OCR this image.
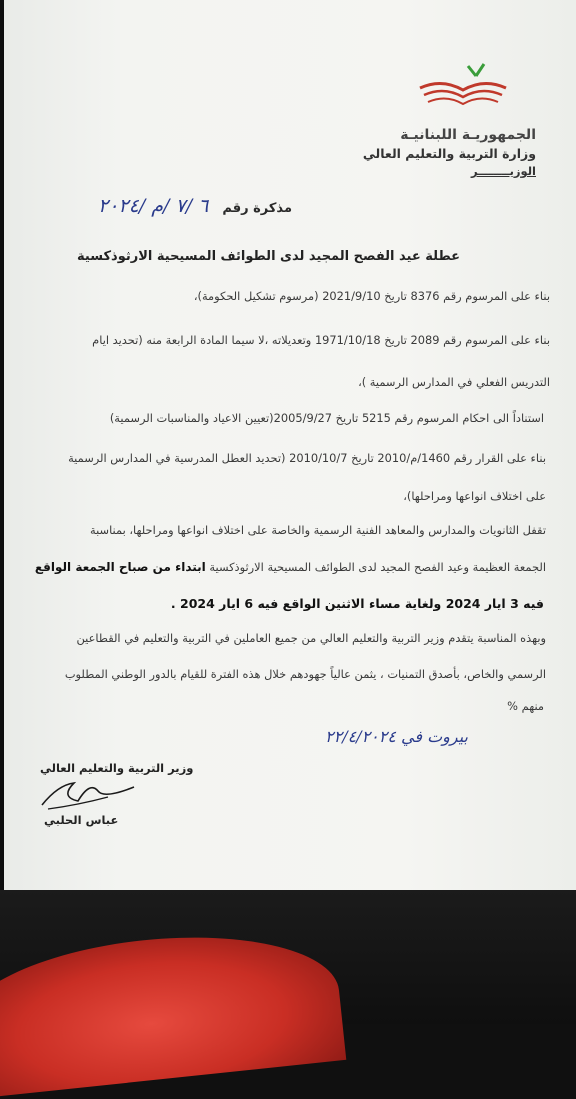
الجمهوريـة اللبنانيـة
وزارة التربية والتعليم العالي
الوزيــــــــر
مذكرة رقم
٦ /٧ /م /٢٠٢٤
عطلة عيد الفصح المجيد لدى الطوائف المسيحية الارثوذكسية
بناء على المرسوم رقم 8376 تاريخ 2021/9/10 (مرسوم تشكيل الحكومة)،
بناء على المرسوم رقم 2089 تاريخ 1971/10/18 وتعديلاته ،لا سيما المادة الرابعة منه (تحديد ايام
التدريس الفعلي في المدارس الرسمية )،
استناداً الى احكام المرسوم رقم 5215 تاريخ 2005/9/27(تعيين الاعياد والمناسبات الرسمية)
بناء على القرار رقم 1460/م/2010 تاريخ 2010/10/7 (تحديد العطل المدرسية في المدارس الرسمية
على اختلاف انواعها ومراحلها)،
تقفل الثانويات والمدارس والمعاهد الفنية الرسمية والخاصة على اختلاف انواعها ومراحلها، بمناسبة
الجمعة العظيمة وعيد الفصح المجيد لدى الطوائف المسيحية الارثوذكسية ابتداء من صباح الجمعة الواقع
فيه 3 ايار 2024 ولغاية مساء الاثنين الواقع فيه 6 ايار 2024 .
وبهذه المناسبة يتقدم وزير التربية والتعليم العالي من جميع العاملين في التربية والتعليم في القطاعين
الرسمي والخاص، بأصدق التمنيات ، يثمن عالياً جهودهم خلال هذه الفترة للقيام بالدور الوطني المطلوب
منهم %
بيروت في ٢٢/٤/٢٠٢٤
وزير التربية والتعليم العالي
عباس الحلبي
